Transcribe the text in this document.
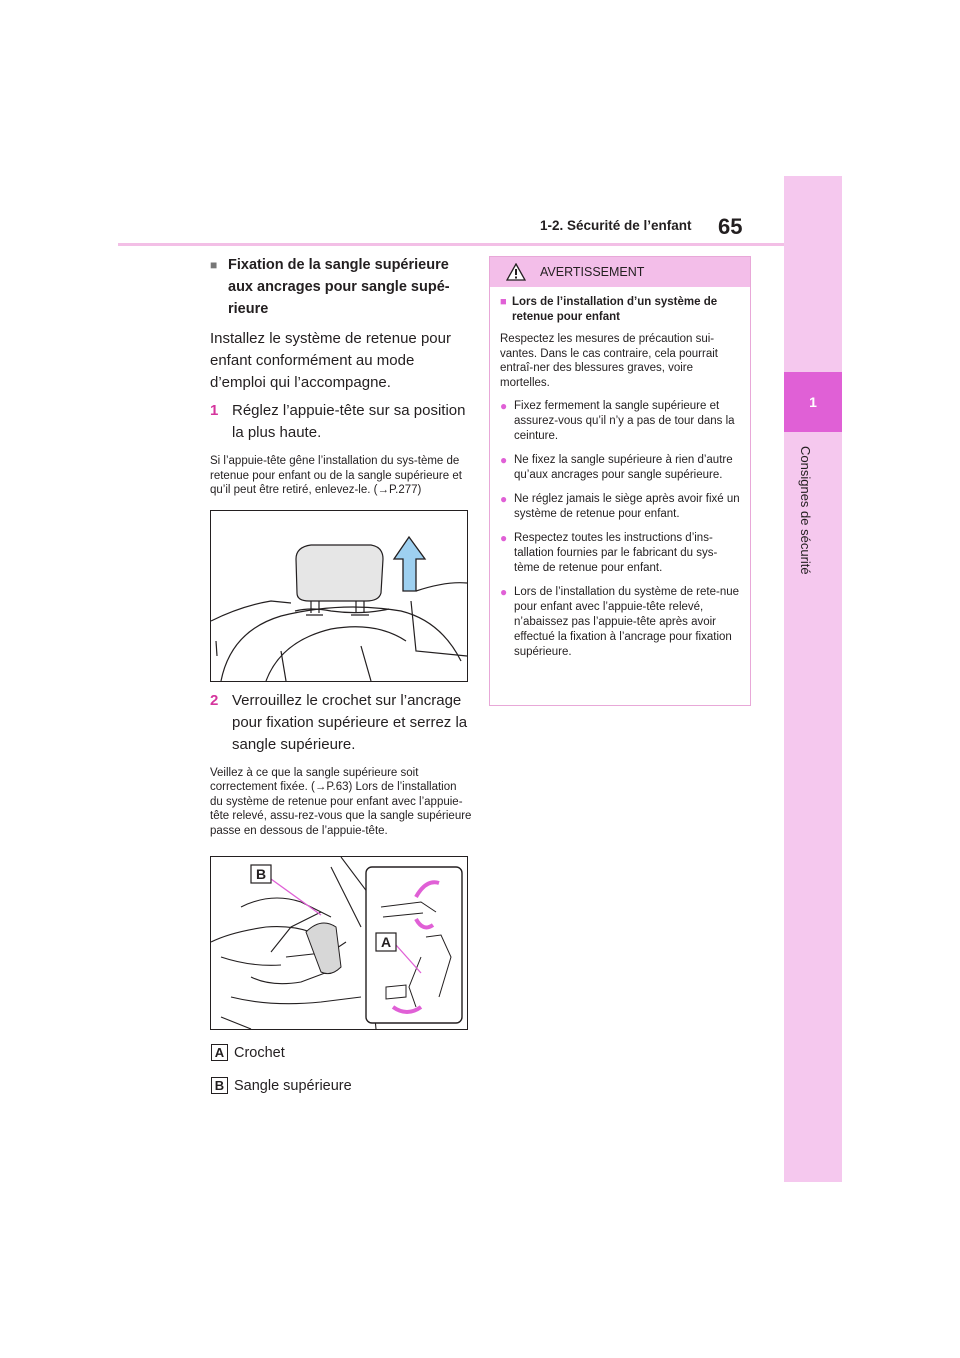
1-2. Sécurité de l’enfant 65
1
Consignes de sécurité
■ Fixation de la sangle supérieure aux ancrages pour sangle supé-rieure
Installez le système de retenue pour enfant conformément au mode d’emploi qui l’accompagne.
1 Réglez l’appuie-tête sur sa position la plus haute.
Si l’appuie-tête gêne l’installation du sys-tème de retenue pour enfant ou de la sangle supérieure et qu’il peut être retiré, enlevez-le. (→P.277)
2 Verrouillez le crochet sur l’ancrage pour fixation supérieure et serrez la sangle supérieure.
Veillez à ce que la sangle supérieure soit correctement fixée. (→P.63) Lors de l’installation du système de retenue pour enfant avec l’appuie-tête relevé, assu-rez-vous que la sangle supérieure passe en dessous de l’appuie-tête.
B
A
A Crochet
B Sangle supérieure
AVERTISSEMENT
■ Lors de l’installation d’un système de retenue pour enfant
Respectez les mesures de précaution sui-vantes. Dans le cas contraire, cela pourrait entraî-ner des blessures graves, voire mortelles.
● Fixez fermement la sangle supérieure et assurez-vous qu’il n’y a pas de tour dans la ceinture.
● Ne fixez la sangle supérieure à rien d’autre qu’aux ancrages pour sangle supérieure.
● Ne réglez jamais le siège après avoir fixé un système de retenue pour enfant.
● Respectez toutes les instructions d’ins-tallation fournies par le fabricant du sys-tème de retenue pour enfant.
● Lors de l’installation du système de rete-nue pour enfant avec l’appuie-tête relevé, n’abaissez pas l’appuie-tête après avoir effectué la fixation à l’ancrage pour fixation supérieure.
